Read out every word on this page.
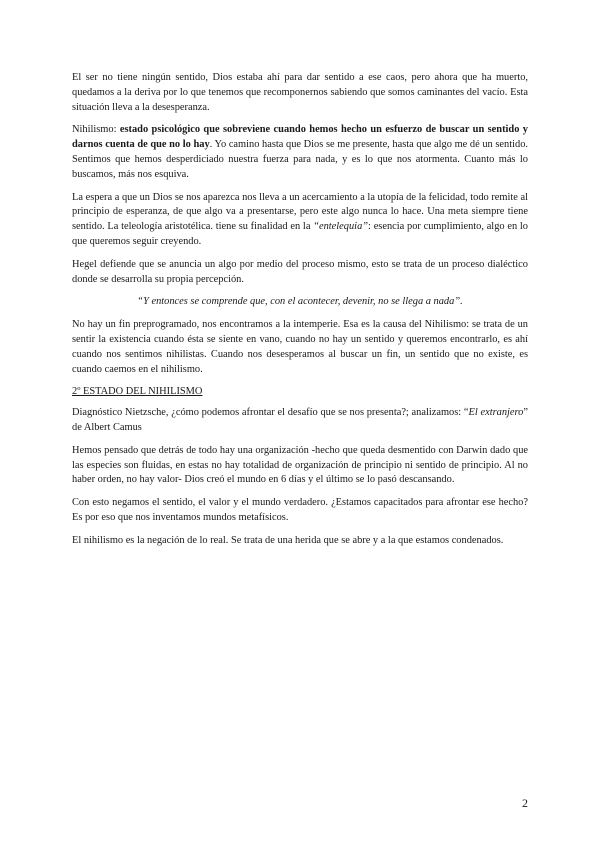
El ser no tiene ningún sentido, Dios estaba ahí para dar sentido a ese caos, pero ahora que ha muerto, quedamos a la deriva por lo que tenemos que recomponernos sabiendo que somos caminantes del vacío. Esta situación lleva a la desesperanza.

Nihilismo: estado psicológico que sobreviene cuando hemos hecho un esfuerzo de buscar un sentido y darnos cuenta de que no lo hay. Yo camino hasta que Dios se me presente, hasta que algo me dé un sentido. Sentimos que hemos desperdiciado nuestra fuerza para nada, y es lo que nos atormenta. Cuanto más lo buscamos, más nos esquiva.

La espera a que un Dios se nos aparezca nos lleva a un acercamiento a la utopía de la felicidad, todo remite al principio de esperanza, de que algo va a presentarse, pero este algo nunca lo hace. Una meta siempre tiene sentido. La teleología aristotélica. tiene su finalidad en la “entelequia”: esencia por cumplimiento, algo en lo que queremos seguir creyendo.

Hegel defiende que se anuncia un algo por medio del proceso mismo, esto se trata de un proceso dialéctico donde se desarrolla su propia percepción.

“Y entonces se comprende que, con el acontecer, devenir, no se llega a nada”.

No hay un fin preprogramado, nos encontramos a la intemperie. Esa es la causa del Nihilismo: se trata de un sentir la existencia cuando ésta se siente en vano, cuando no hay un sentido y queremos encontrarlo, es ahí cuando nos sentimos nihilistas. Cuando nos desesperamos al buscar un fin, un sentido que no existe, es cuando caemos en el nihilismo.

2º ESTADO DEL NIHILISMO

Diagnóstico Nietzsche, ¿cómo podemos afrontar el desafío que se nos presenta?; analizamos: “El extranjero” de Albert Camus

Hemos pensado que detrás de todo hay una organización -hecho que queda desmentido con Darwin dado que las especies son fluidas, en estas no hay totalidad de organización de principio ni sentido de principio. Al no haber orden, no hay valor- Dios creó el mundo en 6 días y el último se lo pasó descansando.

Con esto negamos el sentido, el valor y el mundo verdadero. ¿Estamos capacitados para afrontar ese hecho? Es por eso que nos inventamos mundos metafísicos.

El nihilismo es la negación de lo real. Se trata de una herida que se abre y a la que estamos condenados.

2
